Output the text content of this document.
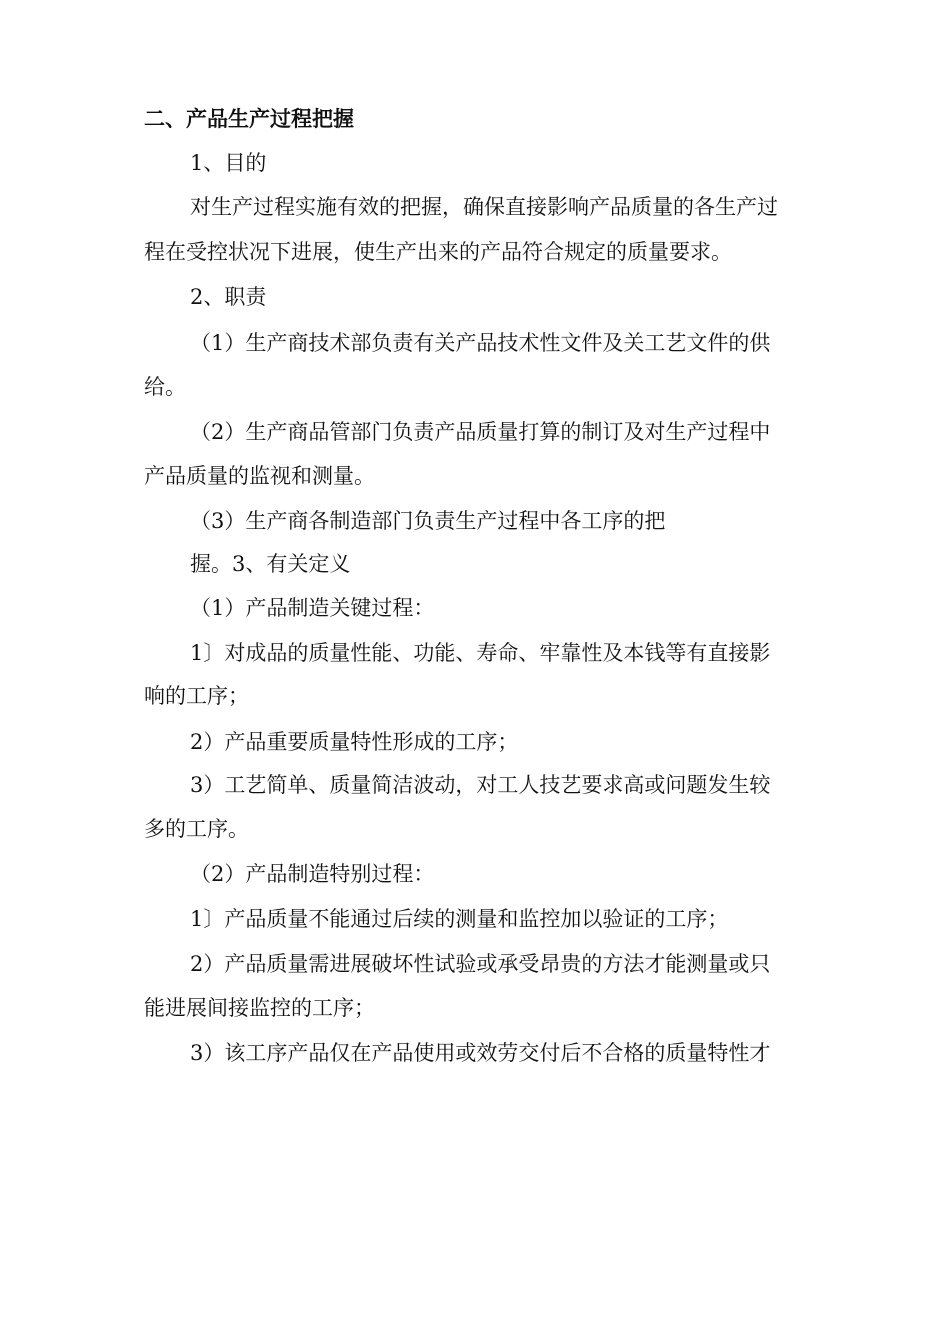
二、产品生产过程把握
1、目的
对生产过程实施有效的把握，确保直接影响产品质量的各生产过
程在受控状况下进展，使生产出来的产品符合规定的质量要求。
2、职责
（1）生产商技术部负责有关产品技术性文件及关工艺文件的供
给。
（2）生产商品管部门负责产品质量打算的制订及对生产过程中
产品质量的监视和测量。
（3）生产商各制造部门负责生产过程中各工序的把
握。3、有关定义
（1）产品制造关键过程：
1〕对成品的质量性能、功能、寿命、牢靠性及本钱等有直接影
响的工序；
2）产品重要质量特性形成的工序；
3）工艺简单、质量简洁波动，对工人技艺要求高或问题发生较
多的工序。
（2）产品制造特别过程：
1〕产品质量不能通过后续的测量和监控加以验证的工序；
2）产品质量需进展破坏性试验或承受昂贵的方法才能测量或只
能进展间接监控的工序；
3）该工序产品仅在产品使用或效劳交付后不合格的质量特性才
